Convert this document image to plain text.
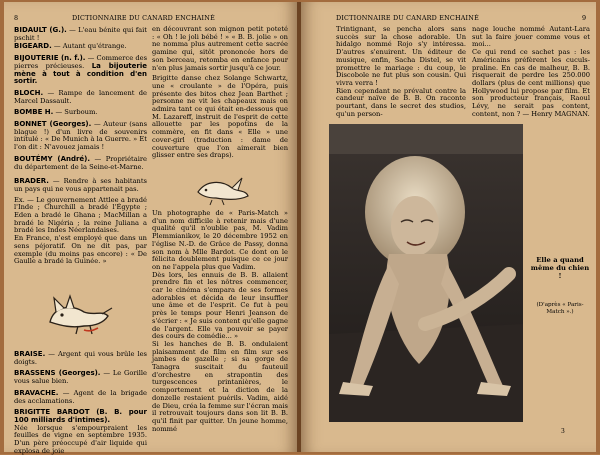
8	DICTIONNAIRE DU CANARD ENCHAINÉ	DICTIONNAIRE DU CANARD ENCHAINÉ	9

BIDAULT (G.). — L'eau bénite qui fait pschit !

BIGEARD. — Autant qu'étrange.

BIJOUTERIE (n. f.). — Commerce des pierres précieuses. La bijouterie mène à tout à condition d'en sortir.

BLOCH. — Rampe de lancement de Marcel Dassault.

BOMBE H. — Surboum.

BONNET (Georges). — Auteur (sans blague !) d'un livre de souvenirs intitulé : « De Munich à la Guerre. » Et l'on dit : N'avouez jamais !

BOUTÉMY (André). — Propriétaire du département de la Seine-et-Marne.

BRADER. — Rendre à ses habitants un pays qui ne vous appartenait pas.

Ex. — Le gouvernement Attlee a bradé l'Inde ; Churchill a bradé l'Égypte ; Eden a bradé le Ghana ; MacMillan a bradé le Nigéria ; la reine Juliana a bradé les Indes Néerlandaises.

En France, n'est employé que dans un sens péjoratif. On ne dit pas, par exemple (du moins pas encore) : « De Gaulle a bradé la Guinée. »

BRAISE. — Argent qui vous brûle les doigts.

BRASSENS (Georges). — Le Gorille vous salue bien.

BRAVACHE. — Agent de la brigade des acclamations.

BRIGITTE BARDOT (B. B. pour 100 milliards d'intimes).

Née lorsque s'empourpraient les feuilles de vigne en septembre 1935. D'un père préoccupé d'air liquide qui explosa de joie

en découvrant son mignon petit poteté : « Oh ! le joli bébé ! » « B. B. jolie » on ne nomma plus autrement cette sacrée gamine qui, sitôt prononcée hors de son berceau, retomba en enfance pour n'en plus jamais sortir jusqu'à ce jour.

Brigitte danse chez Solange Schwartz, une « croulante » de l'Opéra, puis présente des bitos chez Jean Barthet ; personne ne vit les chapeaux mais on admira tant ce qui était en-dessous que M. Lazareff, instruit de l'esprit de cette allouette par les popotins de la commère, en fit dans « Elle » une cover-girl (traduction : dame de couverture que l'on aimerait bien glisser entre ses draps).

Un photographe de « Paris-Match » d'un nom difficile à retenir mais d'une qualité qu'il n'oublie pas, M. Vadim Plemmianikov, le 20 décembre 1952 en l'église N.-D. de Grâce de Passy, donna son nom à Mlle Bardot. Ce dont on le félicita doublement puisque ce ce jour on ne l'appela plus que Vadim.

Dès lors, les ennuis de B. B. allaient prendre fin et les nôtres commencer, car le cinéma s'empara de ses formes adorables et décida de leur insuffler une âme et de l'esprit. Ce fut à peu près le temps pour Henri Jeanson de s'écrier : « Je suis content qu'elle gagne de l'argent. Elle va pouvoir se payer des cours de comédie... »

Si les hanches de B. B. ondulaient plaisamment de film en film sur ses jambes de gazelle ; si sa gorge de Tanagra suscitait du fauteuil d'orchestre en strapontin des turgescences printanières, le comportement et la diction de la donzelle restaient puérils. Vadim, aidé de Dieu, créa la femme sur l'écran mais il retrouvait toujours dans son lit B. B. qu'il finit par quitter. Un jeune homme, nommé

Trintignant, se pencha alors sans succès sur la chose adorable. Un hidalgo nommé Rojo s'y intéressa. D'autres s'enuirent. Un éditeur de musique, enfin, Sacha Distel, se vit promettre le mariage : du coup, le Discobole ne fut plus son cousin. Qui vivra verra !

Rien cependant ne prévalut contre la candeur naïve de B. B. On raconte pourtant, dans le secret des studios, qu'un person-

nage louche nommé Autant-Lara sut la faire jouer comme vous et moi...

Ce qui rend ce sachet pas : les Américains préfèrent les cuculs-praline. En cas de malheur, B. B. risquerait de perdre les 250.000 dollars (plus de cent millions) que Hollywood lui propose par film. Et son producteur français, Raoul Lévy, ne serait pas content, content, non ? — Henry MAGNAN.

Elle a quand même du chien !
(D'après « Paris-Match ».)
3
